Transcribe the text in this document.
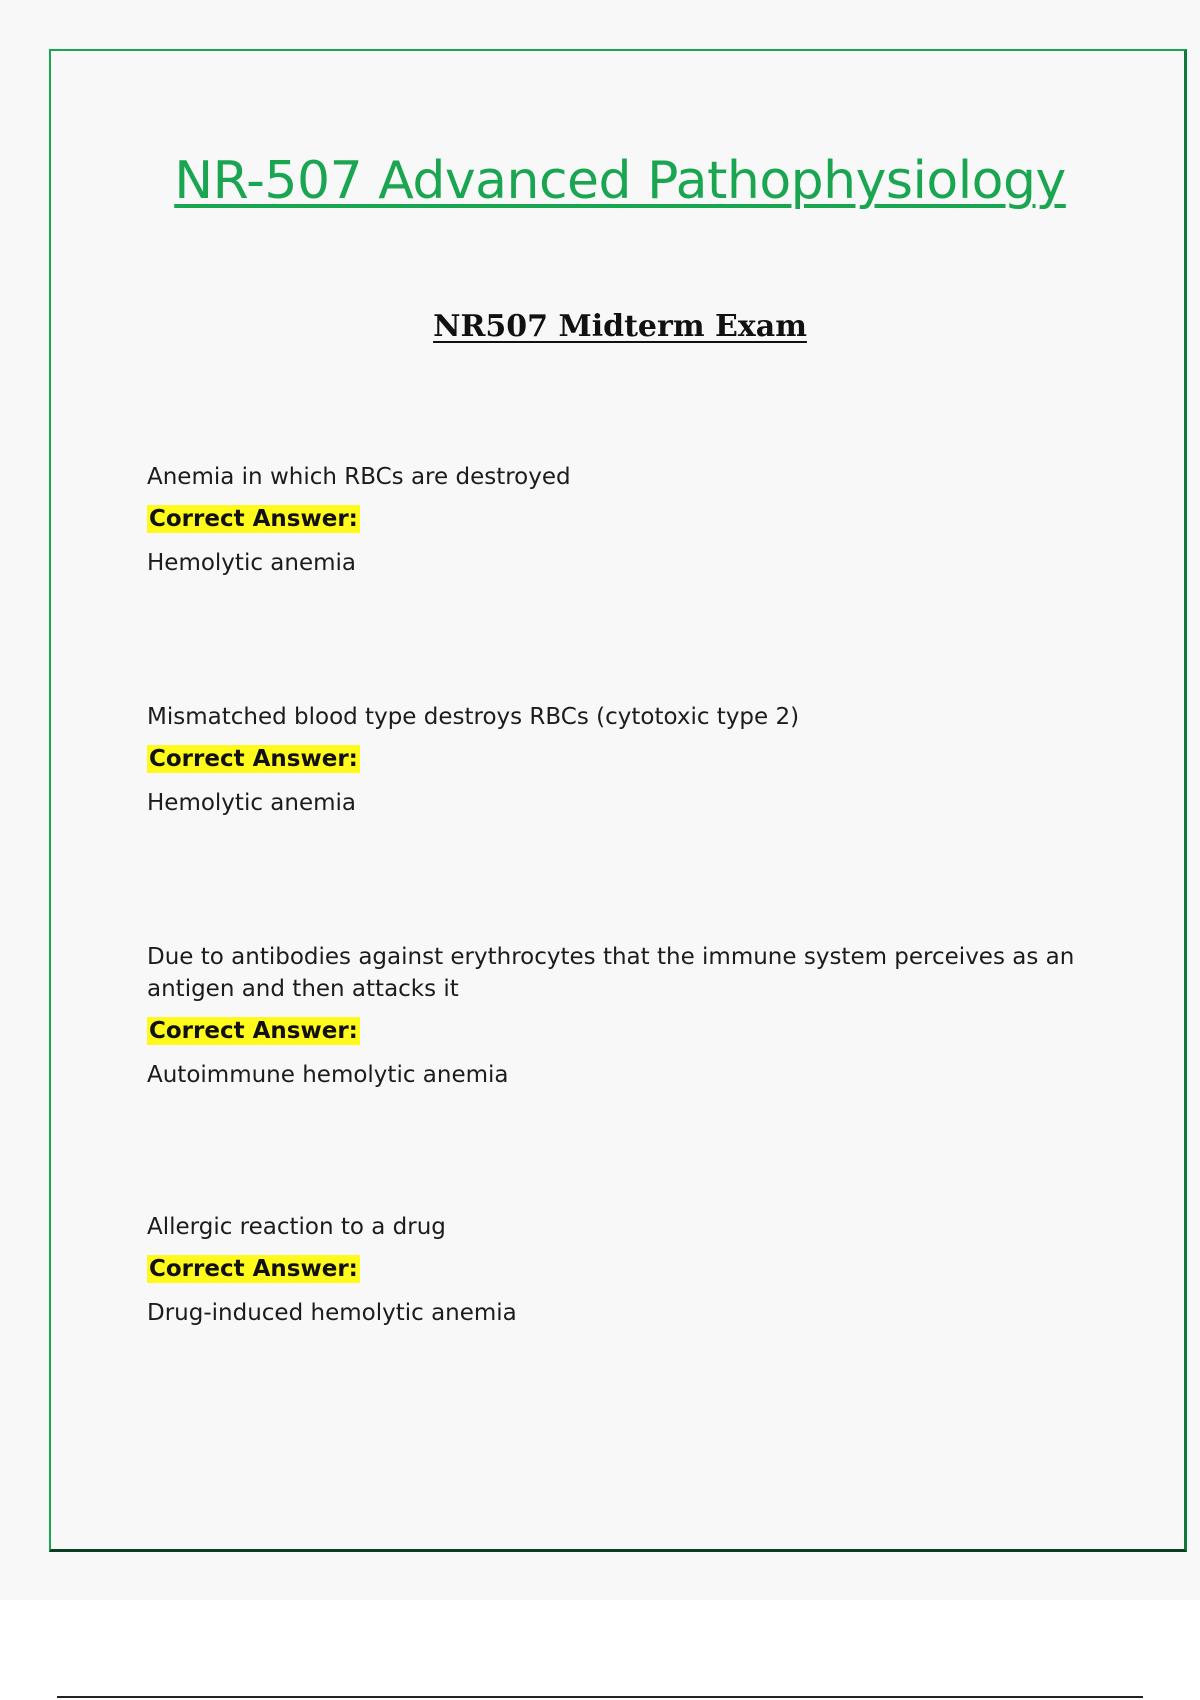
NR-507 Advanced Pathophysiology
NR507 Midterm Exam
Anemia in which RBCs are destroyed
Correct Answer:
Hemolytic anemia
Mismatched blood type destroys RBCs (cytotoxic type 2)
Correct Answer:
Hemolytic anemia
Due to antibodies against erythrocytes that the immune system perceives as an antigen and then attacks it
Correct Answer:
Autoimmune hemolytic anemia
Allergic reaction to a drug
Correct Answer:
Drug-induced hemolytic anemia
